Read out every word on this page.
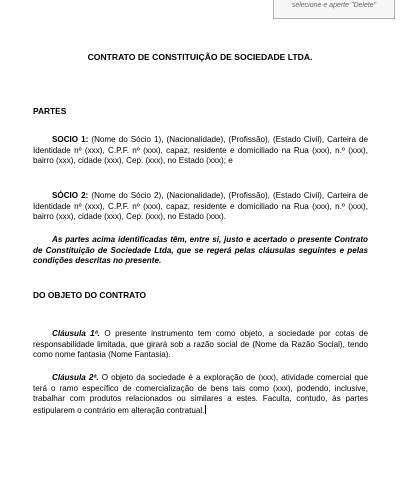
selecione e aperte "Delete"
CONTRATO DE CONSTITUIÇÃO DE SOCIEDADE LTDA.
PARTES
SOCIO 1: (Nome do Sócio 1), (Nacionalidade), (Profissão), (Estado Civil), Carteira de Identidade nº (xxx), C.P.F. nº (xxx), capaz, residente e domiciliado na Rua (xxx), n.º (xxx), bairro (xxx), cidade (xxx), Cep. (xxx), no Estado (xxx); e
SÓCIO 2: (Nome do Sócio 2), (Nacionalidade), (Profissão), (Estado Civil), Carteira de Identidade nº (xxx), C.P.F. nº (xxx), capaz, residente e domiciliado na Rua (xxx), n.º (xxx), bairro (xxx), cidade (xxx), Cep. (xxx), no Estado (xxx).
As partes acima identificadas têm, entre si, justo e acertado o presente Contrato de Constituição de Sociedade Ltda, que se regerá pelas cláusulas seguintes e pelas condições descritas no presente.
DO OBJETO DO CONTRATO
Cláusula 1ª. O presente instrumento tem como objeto, a sociedade por cotas de responsabilidade limitada, que girará sob a razão social de (Nome da Razão Social), tendo como nome fantasia (Nome Fantasia).
Cláusula 2ª. O objeto da sociedade é a exploração de (xxx), atividade comercial que terá o ramo específico de comercialização de bens tais como (xxx), podendo, inclusive, trabalhar com produtos relacionados ou similares a estes. Faculta, contudo, às partes estipularem o contrário em alteração contratual.
